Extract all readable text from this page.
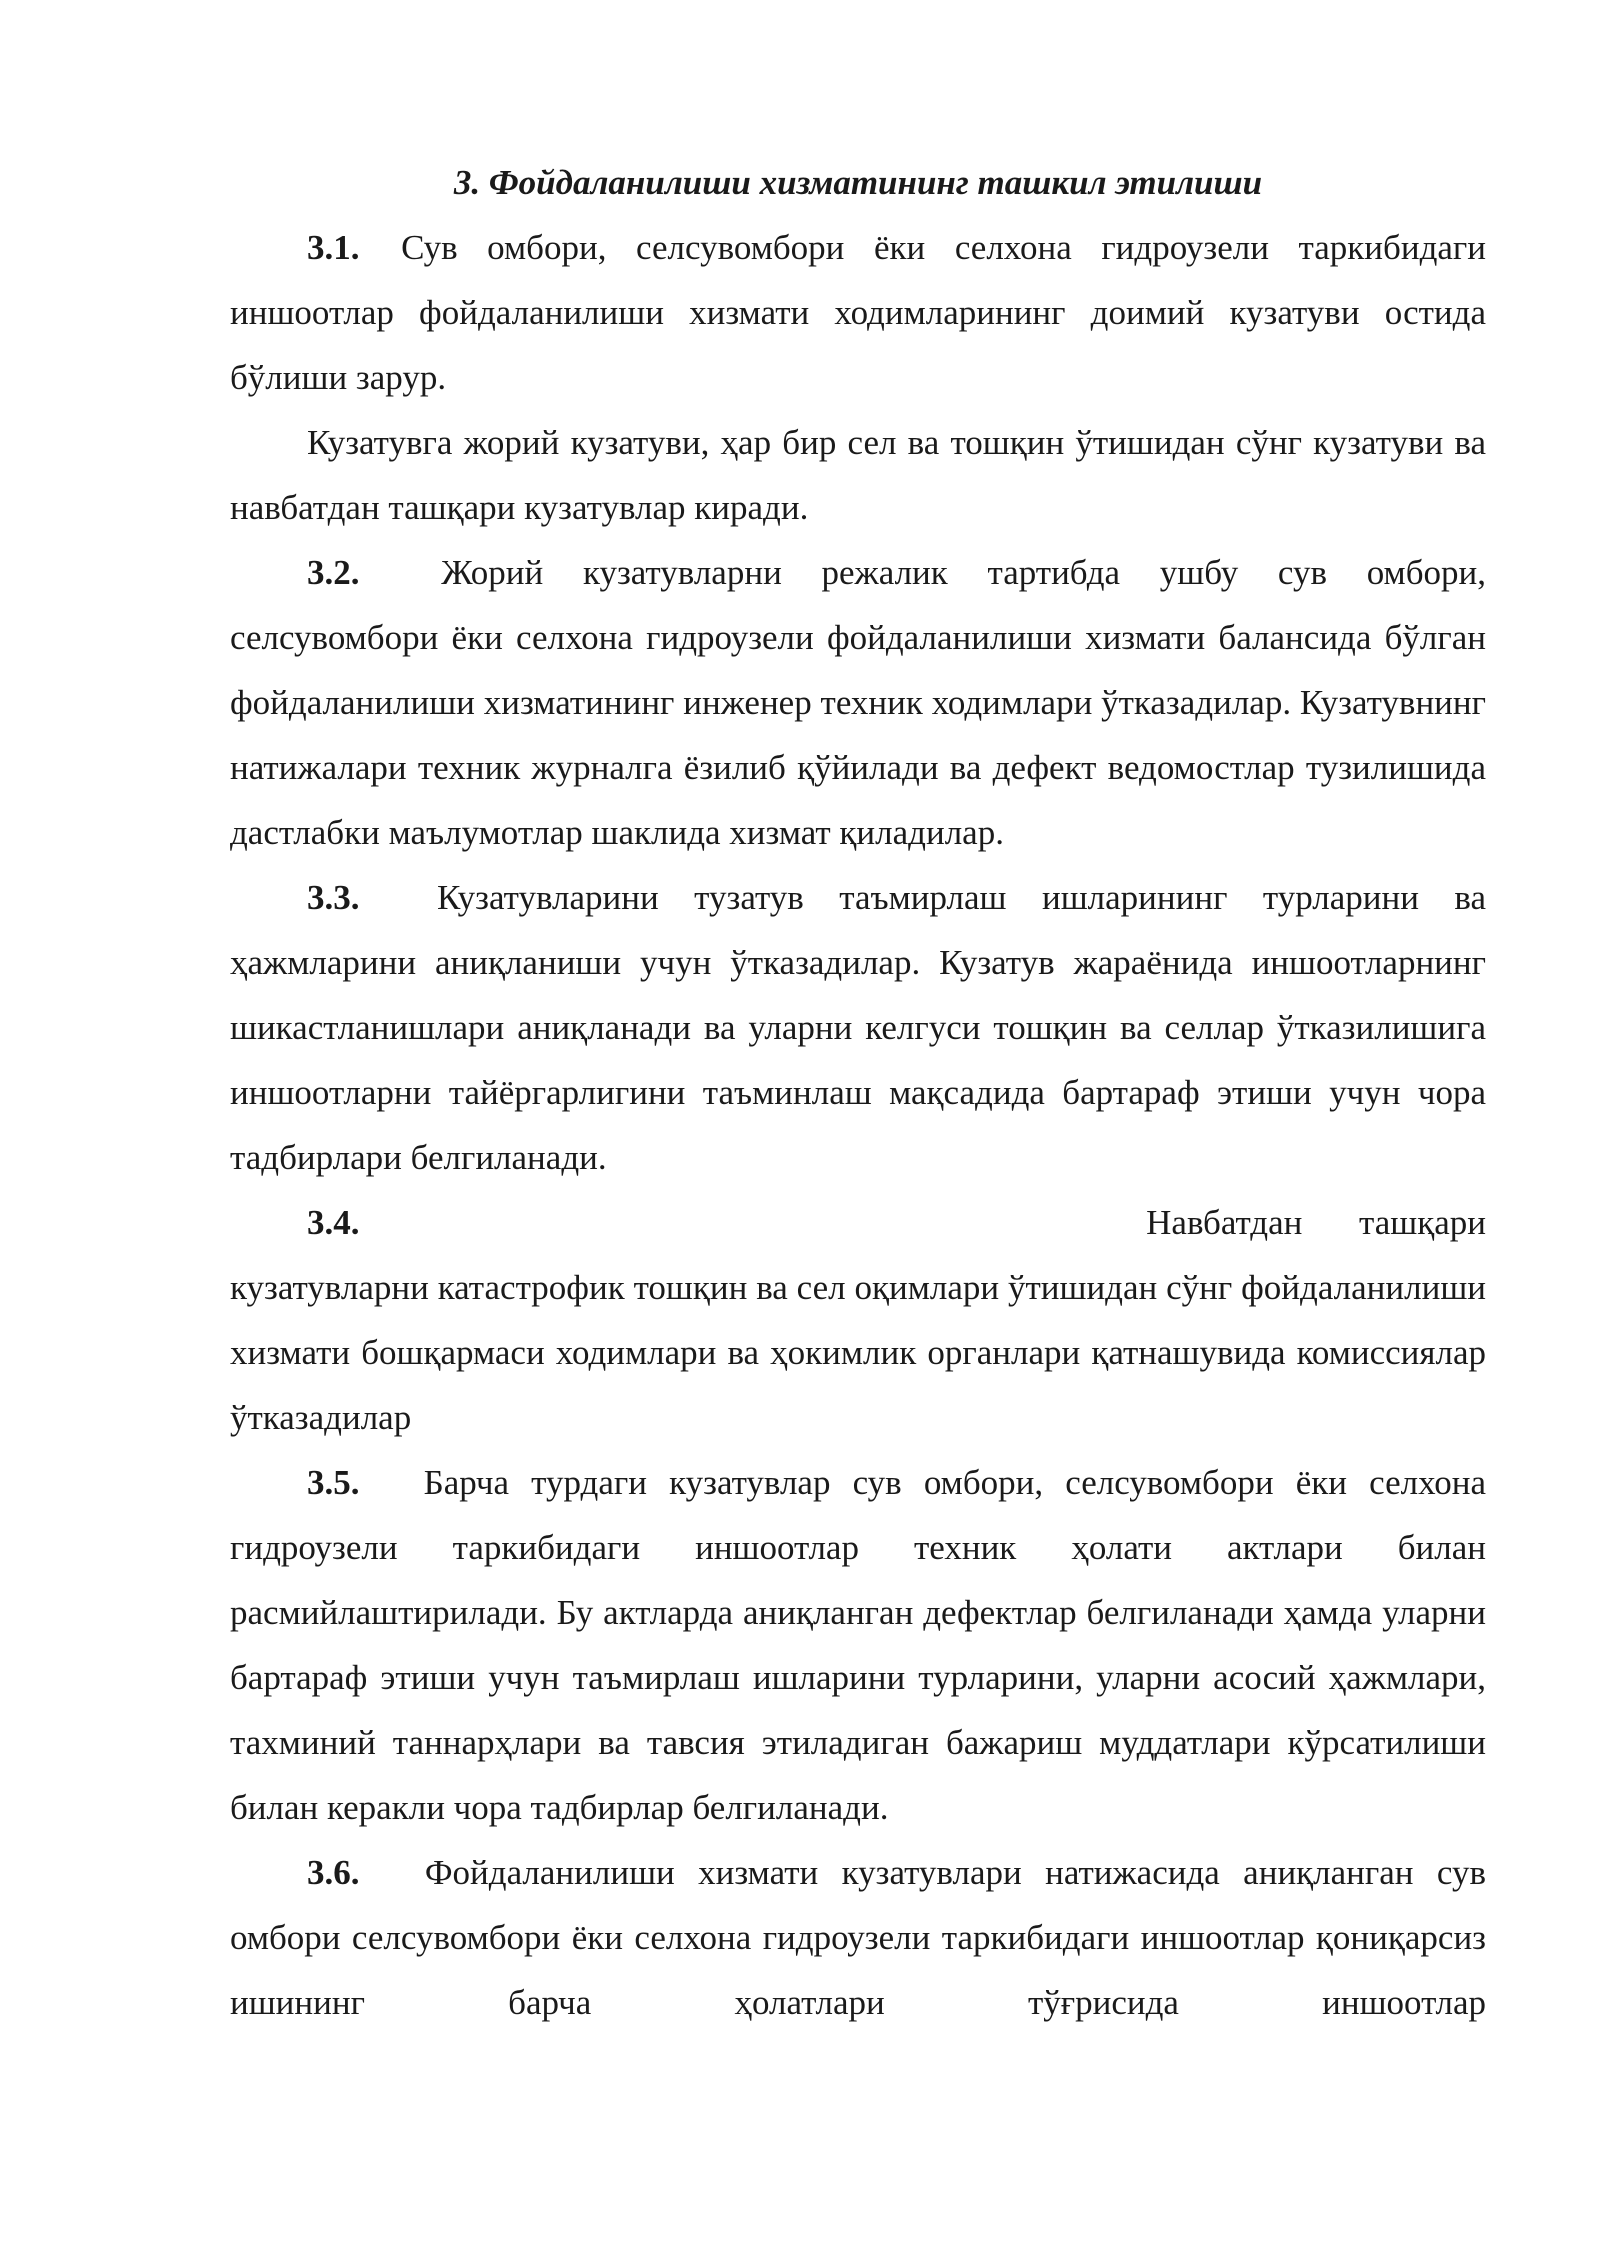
3. Фойдаланилиши хизматининг ташкил этилиши

3.1. Сув омбори, селсувомбори ёки селхона гидроузели таркибидаги иншоотлар фойдаланилиши хизмати ходимларининг доимий кузатуви остида бўлиши зарур.

Кузатувга жорий кузатуви, ҳар бир сел ва тошқин ўтишидан сўнг кузатуви ва навбатдан ташқари кузатувлар киради.

3.2. Жорий кузатувларни режалик тартибда ушбу сув омбори, селсувомбори ёки селхона гидроузели фойдаланилиши хизмати балансида бўлган фойдаланилиши хизматининг инженер техник ходимлари ўтказадилар. Кузатувнинг натижалари техник журналга ёзилиб қўйилади ва дефект ведомостлар тузилишида дастлабки маълумотлар шаклида хизмат қиладилар.

3.3. Кузатувларини тузатув таъмирлаш ишларининг турларини ва ҳажмларини аниқланиши учун ўтказадилар. Кузатув жараёнида иншоотларнинг шикастланишлари аниқланади ва уларни келгуси тошқин ва селлар ўтказилишига иншоотларни тайёргарлигини таъминлаш мақсадида бартараф этиши учун чора тадбирлари белгиланади.

3.4.	Навбатдан ташқари кузатувларни катастрофик тошқин ва сел оқимлари ўтишидан сўнг фойдаланилиши хизмати бошқармаси ходимлари ва ҳокимлик органлари қатнашувида комиссиялар ўтказадилар

3.5. Барча турдаги кузатувлар сув омбори, селсувомбори ёки селхона гидроузели таркибидаги иншоотлар техник ҳолати актлари билан расмийлаштирилади. Бу актларда аниқланган дефектлар белгиланади ҳамда уларни бартараф этиши учун таъмирлаш ишларини турларини, уларни асосий ҳажмлари, тахминий таннарҳлари ва тавсия этиладиган бажариш муддатлари кўрсатилиши билан керакли чора тадбирлар белгиланади.

3.6. Фойдаланилиши хизмати кузатувлари натижасида аниқланган сув омбори селсувомбори ёки селхона гидроузели таркибидаги иншоотлар қониқарсиз ишининг барча ҳолатлари тўғрисида иншоотлар
